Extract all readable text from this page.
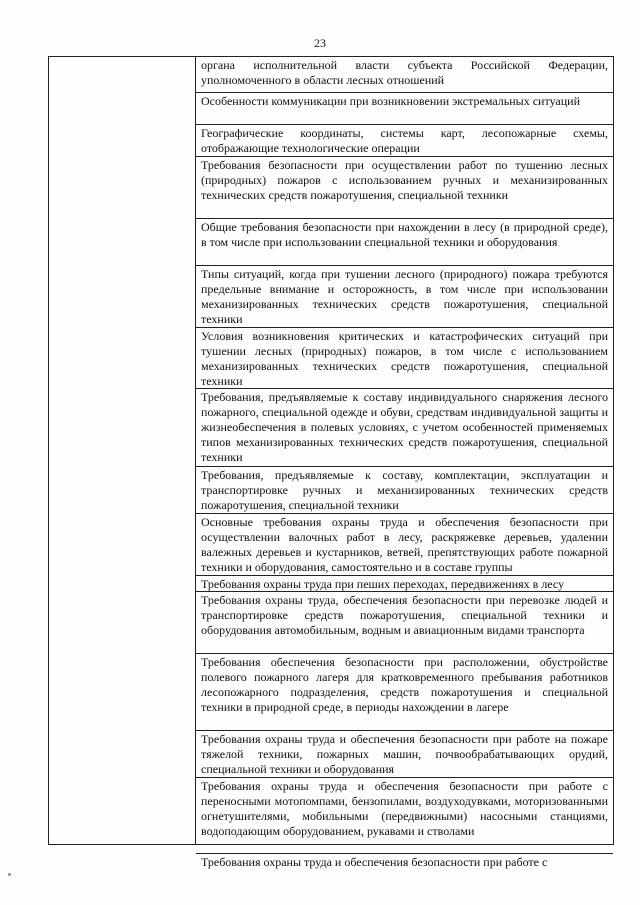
23
органа исполнительной власти субъекта Российской Федерации, уполномоченного в области лесных отношений
Особенности коммуникации при возникновении экстремальных ситуаций
Географические координаты, системы карт, лесопожарные схемы, отображающие технологические операции
Требования безопасности при осуществлении работ по тушению лесных (природных) пожаров с использованием ручных и механизированных технических средств пожаротушения, специальной техники
Общие требования безопасности при нахождении в лесу (в природной среде), в том числе при использовании специальной техники и оборудования
Типы ситуаций, когда при тушении лесного (природного) пожара требуются предельные внимание и осторожность, в том числе при использовании механизированных технических средств пожаротушения, специальной техники
Условия возникновения критических и катастрофических ситуаций при тушении лесных (природных) пожаров, в том числе с использованием механизированных технических средств пожаротушения, специальной техники
Требования, предъявляемые к составу индивидуального снаряжения лесного пожарного, специальной одежде и обуви, средствам индивидуальной защиты и жизнеобеспечения в полевых условиях, с учетом особенностей применяемых типов механизированных технических средств пожаротушения, специальной техники
Требования, предъявляемые к составу, комплектации, эксплуатации и транспортировке ручных и механизированных технических средств пожаротушения, специальной техники
Основные требования охраны труда и обеспечения безопасности при осуществлении валочных работ в лесу, раскряжевке деревьев, удалении валежных деревьев и кустарников, ветвей, препятствующих работе пожарной техники и оборудования, самостоятельно и в составе группы
Требования охраны труда при пеших переходах, передвижениях в лесу
Требования охраны труда, обеспечения безопасности при перевозке людей и транспортировке средств пожаротушения, специальной техники и оборудования автомобильным, водным и авиационным видами транспорта
Требования обеспечения безопасности при расположении, обустройстве полевого пожарного лагеря для кратковременного пребывания работников лесопожарного подразделения, средств пожаротушения и специальной техники в природной среде, в периоды нахождении в лагере
Требования охраны труда и обеспечения безопасности при работе на пожаре тяжелой техники, пожарных машин, почвообрабатывающих орудий, специальной техники и оборудования
Требования охраны труда и обеспечения безопасности при работе с переносными мотопомпами, бензопилами, воздуходувками, моторизованными огнетушителями, мобильными (передвижными) насосными станциями, водоподающим оборудованием, рукавами и стволами
Требования охраны труда и обеспечения безопасности при работе с
